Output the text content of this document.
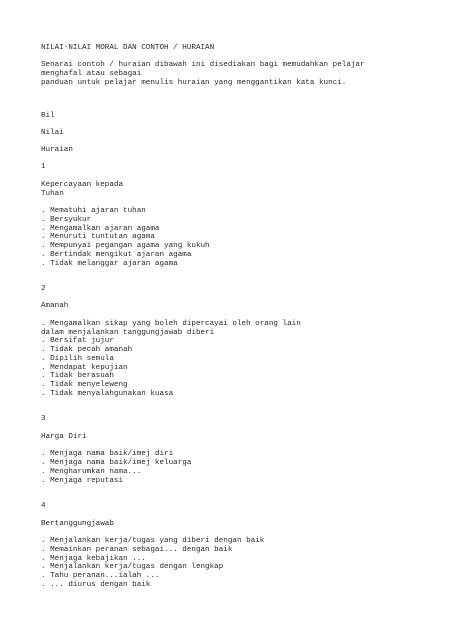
NILAI-NILAI MORAL DAN CONTOH / HURAIAN

Senarai contoh / huraian dibawah ini disediakan bagi memudahkan pelajar

menghafal atau sebagai

panduan untuk pelajar menulis huraian yang menggantikan kata kunci.

Bil

Nilai

Huraian

1

Kepercayaan kepada

Tuhan

. Mematuhi ajaran tuhan

. Bersyukur

. Mengamalkan ajaran agama

. Menuruti tuntutan agama

. Mempunyai pegangan agama yang kukuh

. Bertindak mengikut ajaran agama

. Tidak melanggar ajaran agama

2

Amanah

. Mengamalkan sikap yang boleh dipercayai oleh orang lain

dalam menjalankan tanggungjawab diberi

. Bersifat jujur

. Tidak pecah amanah

. Dipilih semula

. Mendapat kepujian

. Tidak berasuah

. Tidak menyeleweng

. Tidak menyalahgunakan kuasa

3

Harga Diri

. Menjaga nama baik/imej diri

. Menjaga nama baik/imej keluarga

. Mengharumkan nama...

. Menjaga reputasi

4

Bertanggungjawab

. Menjalankan kerja/tugas yang diberi dengan baik

. Memainkan peranan sebagai... dengan baik

. Menjaga kebajikan ...

. Menjalankan kerja/tugas dengan lengkap

. Tahu peranan...ialah ...

. ... diurus dengan baik
